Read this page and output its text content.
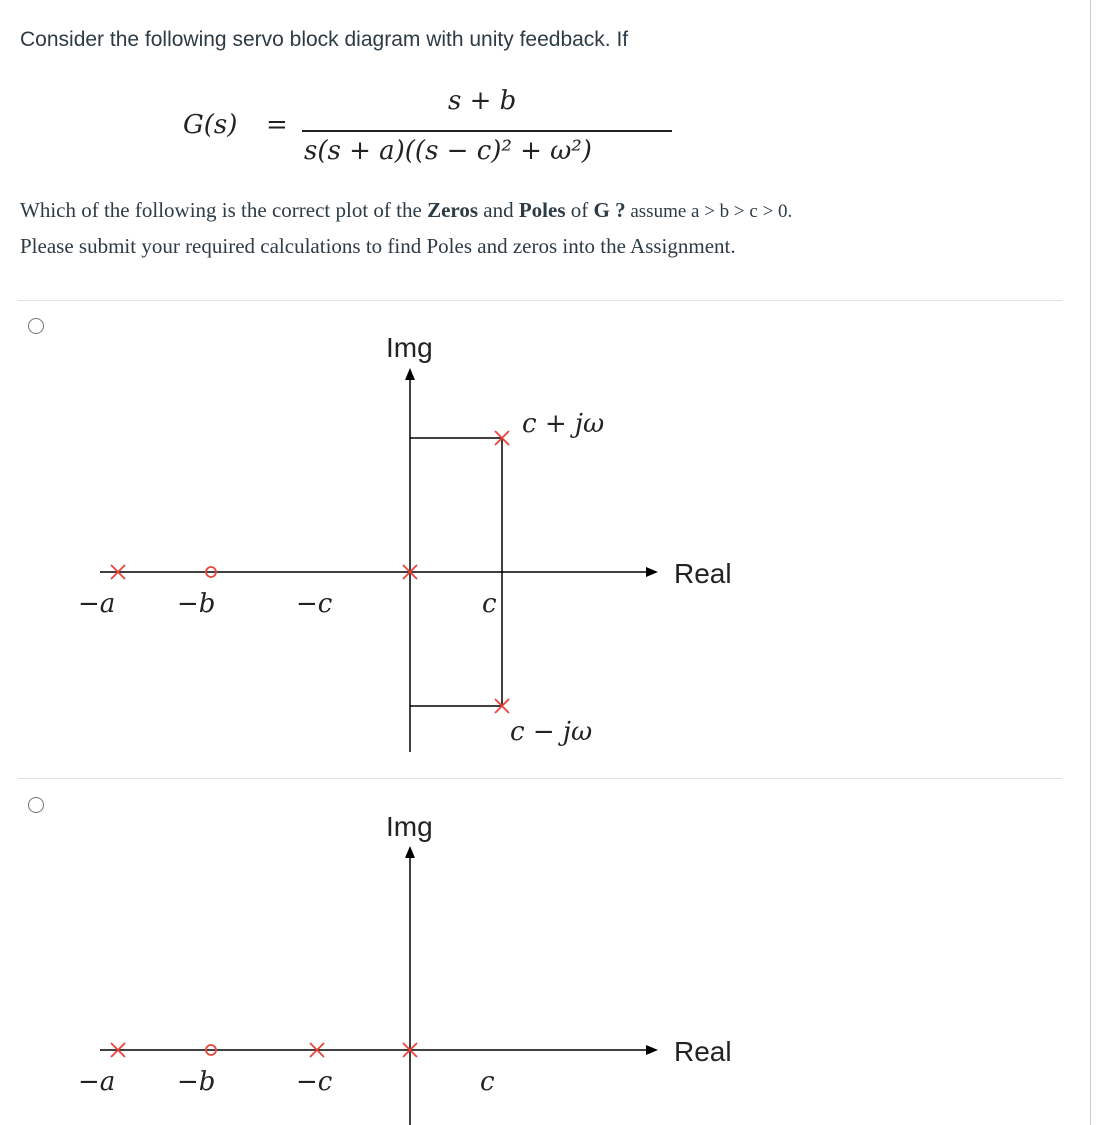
Consider the following servo block diagram with unity feedback. If
G(s) =
s + b
s(s + a)((s − c)² + ω²)
Which of the following is the correct plot of the Zeros and Poles of G ? assume a > b > c > 0.
Please submit your required calculations to find Poles and zeros into the Assignment.
Img
Real
−a −b	−c	c
c + jω
c − jω
Img
Real
−a −b	−c	c
